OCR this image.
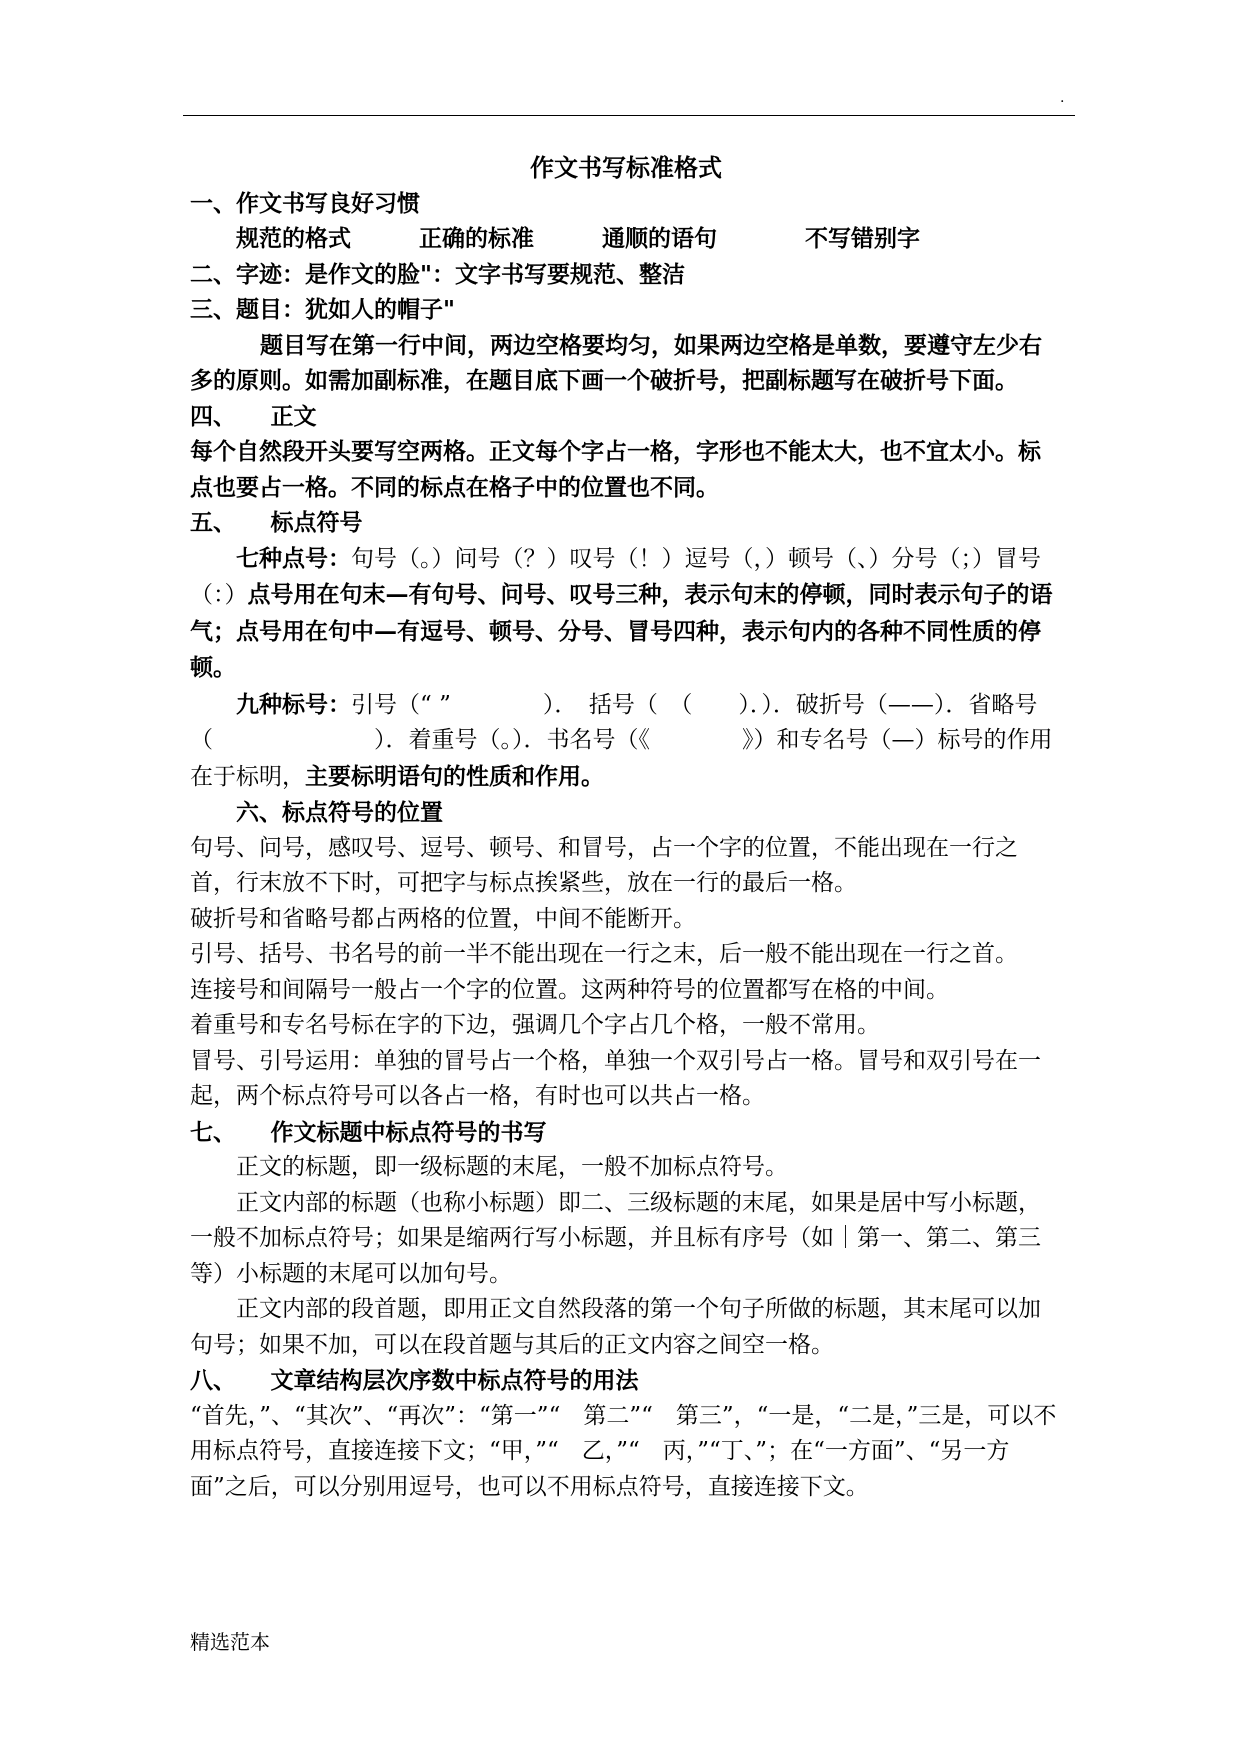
.

作文书写标准格式

一、作文书写良好习惯

规范的格式	正确的标准	通顺的语句	不写错别字

二、字迹：是作文的脸"：文字书写要规范、整洁

三、题目：犹如人的帽子"

题目写在第一行中间，两边空格要均匀，如果两边空格是单数，要遵守左少右多的原则。如需加副标准，在题目底下画一个破折号，把副标题写在破折号下面。

四、　　正文

每个自然段开头要写空两格。正文每个字占一格，字形也不能太大，也不宜太小。标点也要占一格。不同的标点在格子中的位置也不同。

五、　　标点符号

七种点号：句号（。）问号（？）叹号（！）逗号（，）顿号（、）分号（；）冒号（：）点号用在句末—有句号、问号、叹号三种，表示句末的停顿，同时表示句子的语气；点号用在句中—有逗号、顿号、分号、冒号四种，表示句内的各种不同性质的停顿。

九种标号：引号（“ ”　　　　）．　括号（　（　　）．）．破折号（——）．省略号（　　　　　　　）．着重号（。）．书名号（《　　　　》）和专名号（—）标号的作用在于标明，主要标明语句的性质和作用。

六、标点符号的位置

句号、问号，感叹号、逗号、顿号、和冒号，占一个字的位置，不能出现在一行之首，行末放不下时，可把字与标点挨紧些，放在一行的最后一格。

破折号和省略号都占两格的位置，中间不能断开。

引号、括号、书名号的前一半不能出现在一行之末，后一般不能出现在一行之首。

连接号和间隔号一般占一个字的位置。这两种符号的位置都写在格的中间。

着重号和专名号标在字的下边，强调几个字占几个格，一般不常用。

冒号、引号运用：单独的冒号占一个格，单独一个双引号占一格。冒号和双引号在一起，两个标点符号可以各占一格，有时也可以共占一格。

七、　　作文标题中标点符号的书写

正文的标题，即一级标题的末尾，一般不加标点符号。

正文内部的标题（也称小标题）即二、三级标题的末尾，如果是居中写小标题，一般不加标点符号；如果是缩两行写小标题，并且标有序号（如｜第一、第二、第三等）小标题的末尾可以加句号。

正文内部的段首题，即用正文自然段落的第一个句子所做的标题，其末尾可以加句号；如果不加，可以在段首题与其后的正文内容之间空一格。

八、　　文章结构层次序数中标点符号的用法

“首先，”、“其次”、“再次”：“第一”“　第二”“　第三”，“一是，“二是，”三是，可以不用标点符号，直接连接下文；“甲，”“　乙，”“　丙，”“丁、”；在“一方面”、“另一方面”之后，可以分别用逗号，也可以不用标点符号，直接连接下文。

精选范本
